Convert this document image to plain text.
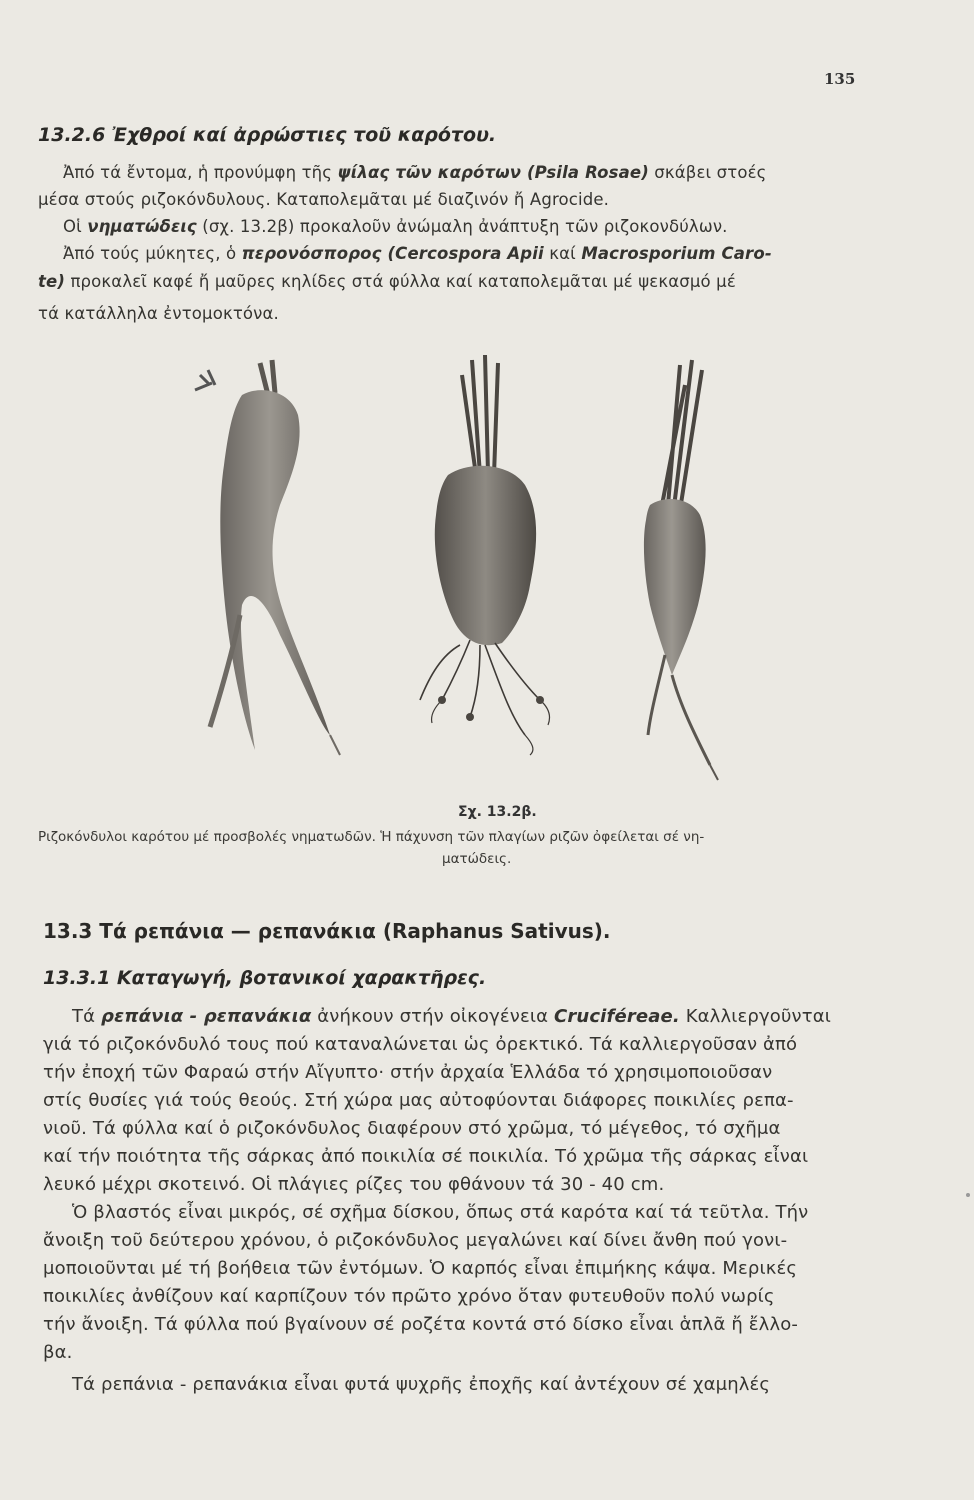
135
13.2.6 Ἐχθροί καί ἀρρώστιες τοῦ καρότου.
Ἀπό τά ἔντομα, ἡ προνύμφη τῆς ψίλας τῶν καρότων (Psila Rosae) σκάβει στοές
μέσα στούς ριζοκόνδυλους. Καταπολεμᾶται μέ διαζινόν ἤ Agrocide.
Οἱ νηματώδεις (σχ. 13.2β) προκαλοῦν ἀνώμαλη ἀνάπτυξη τῶν ριζοκονδύλων.
Ἀπό τούς μύκητες, ὁ περονόσπορος (Cercospora Apii καί Macrosporium Caro-
te) προκαλεῖ καφέ ἤ μαῦρες κηλίδες στά φύλλα καί καταπολεμᾶται μέ ψεκασμό μέ
τά κατάλληλα ἐντομοκτόνα.
Σχ. 13.2β.
Ριζοκόνδυλοι καρότου μέ προσβολές νηματωδῶν. Ἡ πάχυνση τῶν πλαγίων ριζῶν ὀφείλεται σέ νη-
ματώδεις.
13.3 Τά ρεπάνια — ρεπανάκια (Raphanus Sativus).
13.3.1 Καταγωγή, βοτανικοί χαρακτῆρες.
Τά ρεπάνια - ρεπανάκια ἀνήκουν στήν οἰκογένεια Cruciféreae. Καλλιεργοῦνται
γιά τό ριζοκόνδυλό τους πού καταναλώνεται ὡς ὀρεκτικό. Τά καλλιεργοῦσαν ἀπό
τήν ἐποχή τῶν Φαραώ στήν Αἴγυπτο· στήν ἀρχαία Ἑλλάδα τό χρησιμοποιοῦσαν
στίς θυσίες γιά τούς θεούς. Στή χώρα μας αὐτοφύονται διάφορες ποικιλίες ρεπα-
νιοῦ. Τά φύλλα καί ὁ ριζοκόνδυλος διαφέρουν στό χρῶμα, τό μέγεθος, τό σχῆμα
καί τήν ποιότητα τῆς σάρκας ἀπό ποικιλία σέ ποικιλία. Τό χρῶμα τῆς σάρκας εἶναι
λευκό μέχρι σκοτεινό. Οἱ πλάγιες ρίζες του φθάνουν τά 30 - 40 cm.
Ὁ βλαστός εἶναι μικρός, σέ σχῆμα δίσκου, ὅπως στά καρότα καί τά τεῦτλα. Τήν
ἄνοιξη τοῦ δεύτερου χρόνου, ὁ ριζοκόνδυλος μεγαλώνει καί δίνει ἄνθη πού γονι-
μοποιοῦνται μέ τή βοήθεια τῶν ἐντόμων. Ὁ καρπός εἶναι ἐπιμήκης κάψα. Μερικές
ποικιλίες ἀνθίζουν καί καρπίζουν τόν πρῶτο χρόνο ὅταν φυτευθοῦν πολύ νωρίς
τήν ἄνοιξη. Τά φύλλα πού βγαίνουν σέ ροζέτα κοντά στό δίσκο εἶναι ἁπλᾶ ἤ ἔλλο-
βα.
Τά ρεπάνια - ρεπανάκια εἶναι φυτά ψυχρῆς ἐποχῆς καί ἀντέχουν σέ χαμηλές
